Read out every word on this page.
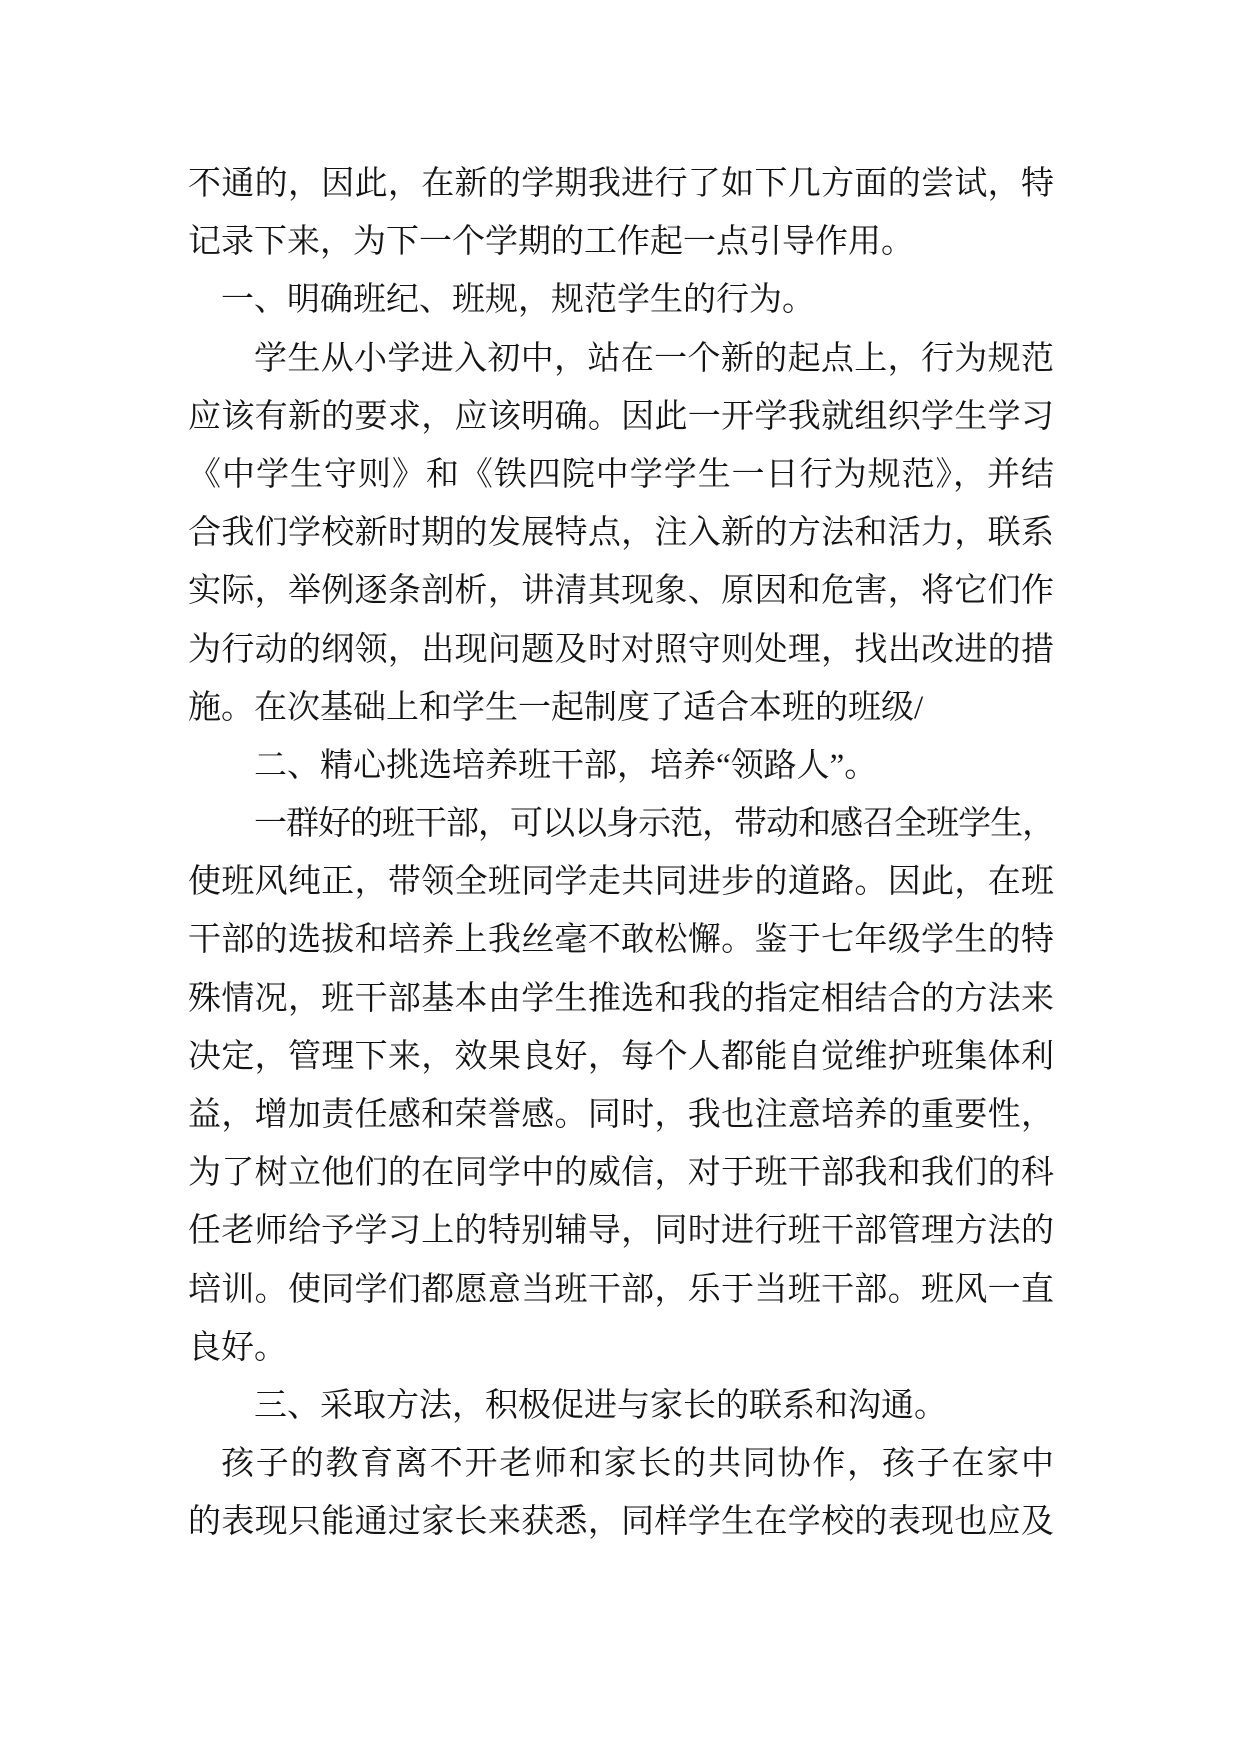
不通的，因此，在新的学期我进行了如下几方面的尝试，特
记录下来，为下一个学期的工作起一点引导作用。
一、明确班纪、班规，规范学生的行为。
学生从小学进入初中，站在一个新的起点上，行为规范
应该有新的要求，应该明确。因此一开学我就组织学生学习
《中学生守则》和《铁四院中学学生一日行为规范》，并结
合我们学校新时期的发展特点，注入新的方法和活力，联系
实际，举例逐条剖析，讲清其现象、原因和危害，将它们作
为行动的纲领，出现问题及时对照守则处理，找出改进的措
施。在次基础上和学生一起制度了适合本班的班级/
二、精心挑选培养班干部，培养“领路人”。
一群好的班干部，可以以身示范，带动和感召全班学生，
使班风纯正，带领全班同学走共同进步的道路。因此，在班
干部的选拔和培养上我丝毫不敢松懈。鉴于七年级学生的特
殊情况，班干部基本由学生推选和我的指定相结合的方法来
决定，管理下来，效果良好，每个人都能自觉维护班集体利
益，增加责任感和荣誉感。同时，我也注意培养的重要性，
为了树立他们的在同学中的威信，对于班干部我和我们的科
任老师给予学习上的特别辅导，同时进行班干部管理方法的
培训。使同学们都愿意当班干部，乐于当班干部。班风一直
良好。
三、采取方法，积极促进与家长的联系和沟通。
孩子的教育离不开老师和家长的共同协作，孩子在家中
的表现只能通过家长来获悉，同样学生在学校的表现也应及
